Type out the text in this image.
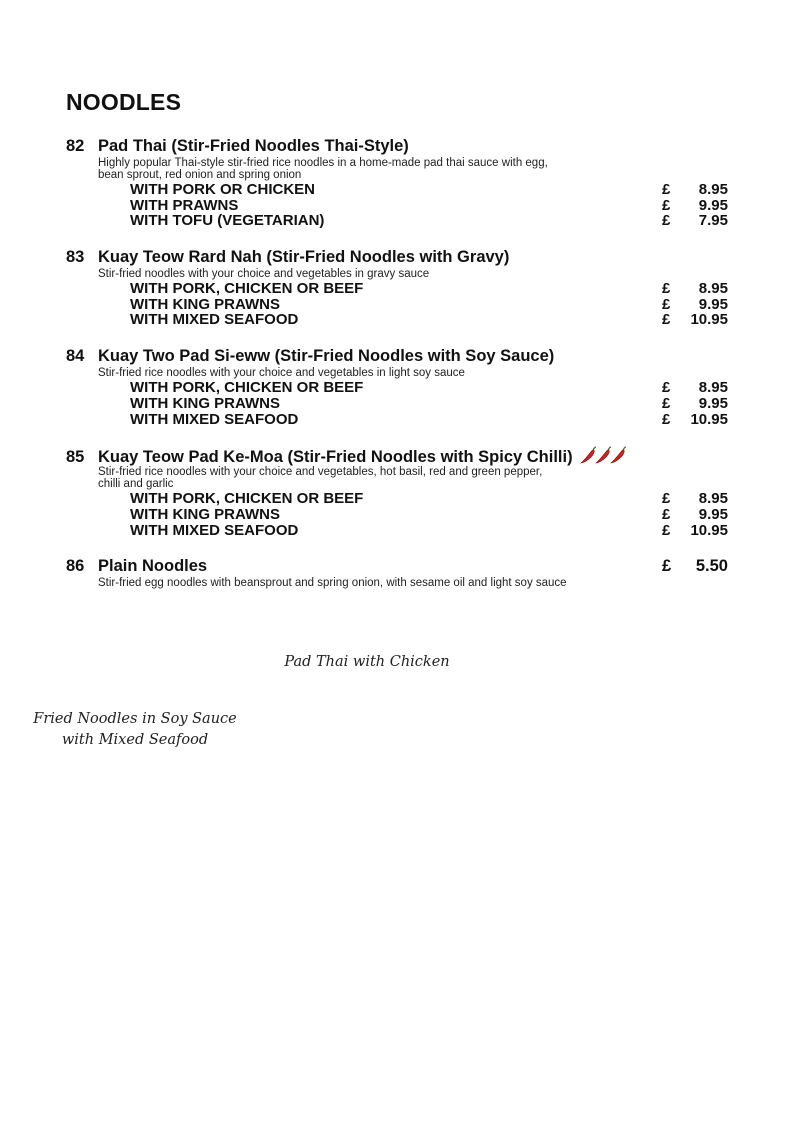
NOODLES
82 Pad Thai (Stir-Fried Noodles Thai-Style)
Highly popular Thai-style stir-fried rice noodles in a home-made pad thai sauce with egg,
bean sprout, red onion and spring onion
WITH PORK OR CHICKEN	£	8.95
WITH PRAWNS	£	9.95
WITH TOFU (VEGETARIAN)	£	7.95
83 Kuay Teow Rard Nah (Stir-Fried Noodles with Gravy)
Stir-fried noodles with your choice and vegetables in gravy sauce
WITH PORK, CHICKEN OR BEEF	£	8.95
WITH KING PRAWNS	£	9.95
WITH MIXED SEAFOOD	£	10.95
84 Kuay Two Pad Si-eww (Stir-Fried Noodles with Soy Sauce)
Stir-fried rice noodles with your choice and vegetables in light soy sauce
WITH PORK, CHICKEN OR BEEF	£	8.95
WITH KING PRAWNS	£	9.95
WITH MIXED SEAFOOD	£	10.95
85 Kuay Teow Pad Ke-Moa (Stir-Fried Noodles with Spicy Chilli)
Stir-fried rice noodles with your choice and vegetables, hot basil, red and green pepper,
chilli and garlic
WITH PORK, CHICKEN OR BEEF	£	8.95
WITH KING PRAWNS	£	9.95
WITH MIXED SEAFOOD	£	10.95
86 Plain Noodles	£	5.50
Stir-fried egg noodles with beansprout and spring onion, with sesame oil and light soy sauce
Pad Thai with Chicken
Fried Noodles in Soy Sauce
with Mixed Seafood
